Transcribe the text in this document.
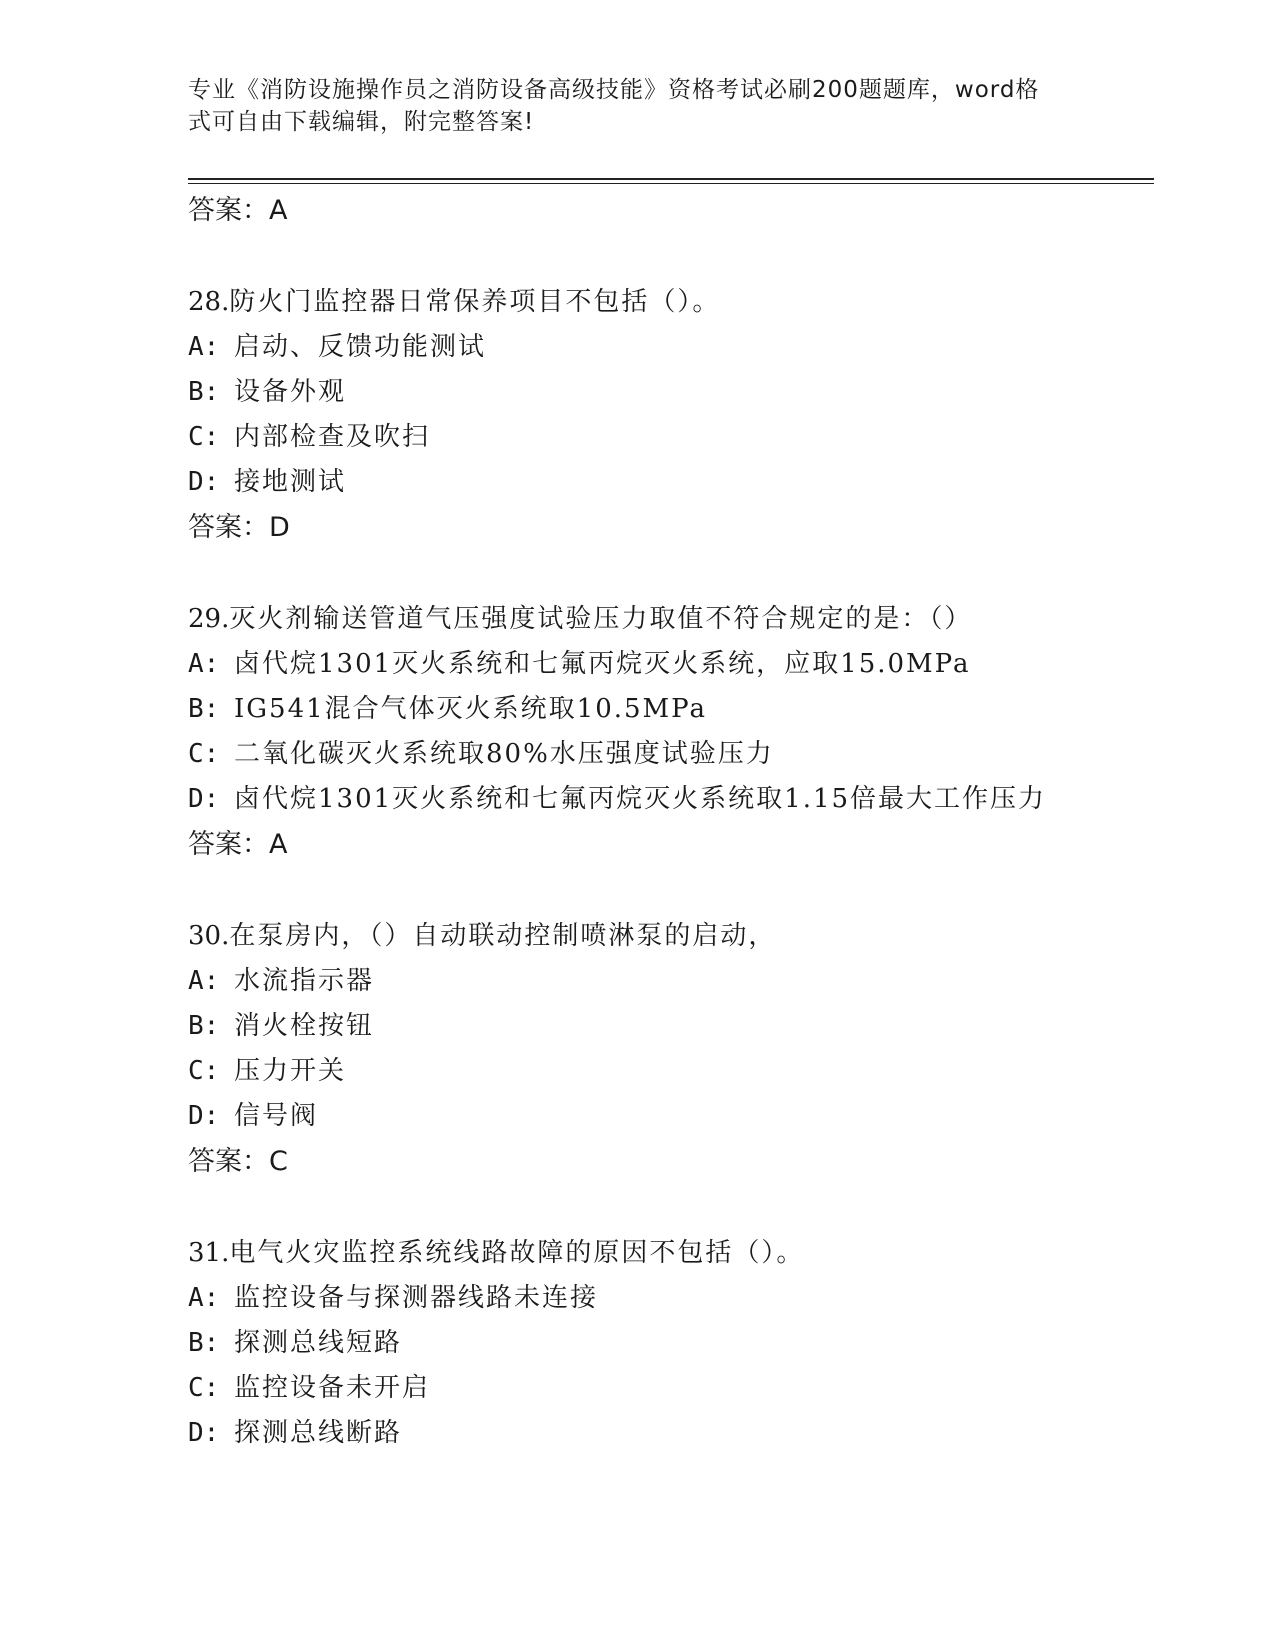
专业《消防设施操作员之消防设备高级技能》资格考试必刷200题题库，word格
式可自由下载编辑，附完整答案!
答案：A
28.防火门监控器日常保养项目不包括（）。
A: 启动、反馈功能测试
B: 设备外观
C: 内部检查及吹扫
D: 接地测试
答案：D
29.灭火剂输送管道气压强度试验压力取值不符合规定的是：（）
A: 卤代烷1301灭火系统和七氟丙烷灭火系统，应取15.0MPa
B: IG541混合气体灭火系统取10.5MPa
C: 二氧化碳灭火系统取80%水压强度试验压力
D: 卤代烷1301灭火系统和七氟丙烷灭火系统取1.15倍最大工作压力
答案：A
30.在泵房内，（）自动联动控制喷淋泵的启动，
A: 水流指示器
B: 消火栓按钮
C: 压力开关
D: 信号阀
答案：C
31.电气火灾监控系统线路故障的原因不包括（）。
A: 监控设备与探测器线路未连接
B: 探测总线短路
C: 监控设备未开启
D: 探测总线断路
